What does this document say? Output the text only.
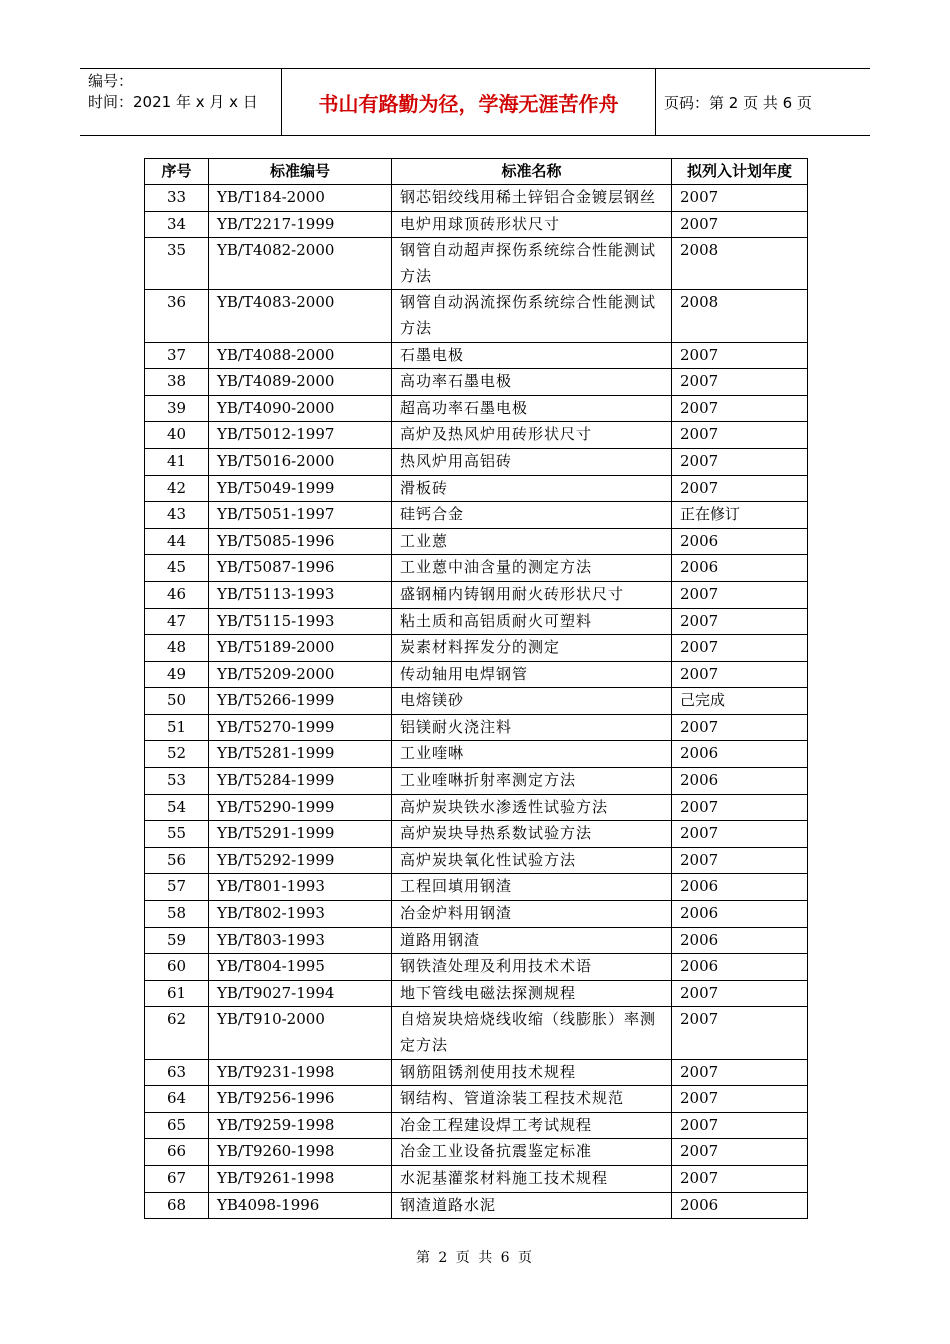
编号：
时间：2021 年 x 月 x 日	书山有路勤为径，学海无涯苦作舟	页码：第 2 页 共 6 页
序号	标准编号	标准名称	拟列入计划年度
33	YB/T184-2000	钢芯铝绞线用稀土锌铝合金镀层钢丝	2007
34	YB/T2217-1999	电炉用球顶砖形状尺寸	2007
35	YB/T4082-2000	钢管自动超声探伤系统综合性能测试方法	2008
36	YB/T4083-2000	钢管自动涡流探伤系统综合性能测试方法	2008
37	YB/T4088-2000	石墨电极	2007
38	YB/T4089-2000	高功率石墨电极	2007
39	YB/T4090-2000	超高功率石墨电极	2007
40	YB/T5012-1997	高炉及热风炉用砖形状尺寸	2007
41	YB/T5016-2000	热风炉用高铝砖	2007
42	YB/T5049-1999	滑板砖	2007
43	YB/T5051-1997	硅钙合金	正在修订
44	YB/T5085-1996	工业蒽	2006
45	YB/T5087-1996	工业蒽中油含量的测定方法	2006
46	YB/T5113-1993	盛钢桶内铸钢用耐火砖形状尺寸	2007
47	YB/T5115-1993	粘土质和高铝质耐火可塑料	2007
48	YB/T5189-2000	炭素材料挥发分的测定	2007
49	YB/T5209-2000	传动轴用电焊钢管	2007
50	YB/T5266-1999	电熔镁砂	己完成
51	YB/T5270-1999	铝镁耐火浇注料	2007
52	YB/T5281-1999	工业喹啉	2006
53	YB/T5284-1999	工业喹啉折射率测定方法	2006
54	YB/T5290-1999	高炉炭块铁水渗透性试验方法	2007
55	YB/T5291-1999	高炉炭块导热系数试验方法	2007
56	YB/T5292-1999	高炉炭块氧化性试验方法	2007
57	YB/T801-1993	工程回填用钢渣	2006
58	YB/T802-1993	冶金炉料用钢渣	2006
59	YB/T803-1993	道路用钢渣	2006
60	YB/T804-1995	钢铁渣处理及利用技术术语	2006
61	YB/T9027-1994	地下管线电磁法探测规程	2007
62	YB/T910-2000	自焙炭块焙烧线收缩（线膨胀）率测定方法	2007
63	YB/T9231-1998	钢筋阻锈剂使用技术规程	2007
64	YB/T9256-1996	钢结构、管道涂装工程技术规范	2007
65	YB/T9259-1998	冶金工程建设焊工考试规程	2007
66	YB/T9260-1998	冶金工业设备抗震鉴定标准	2007
67	YB/T9261-1998	水泥基灌浆材料施工技术规程	2007
68	YB4098-1996	钢渣道路水泥	2006
第 2 页 共 6 页
